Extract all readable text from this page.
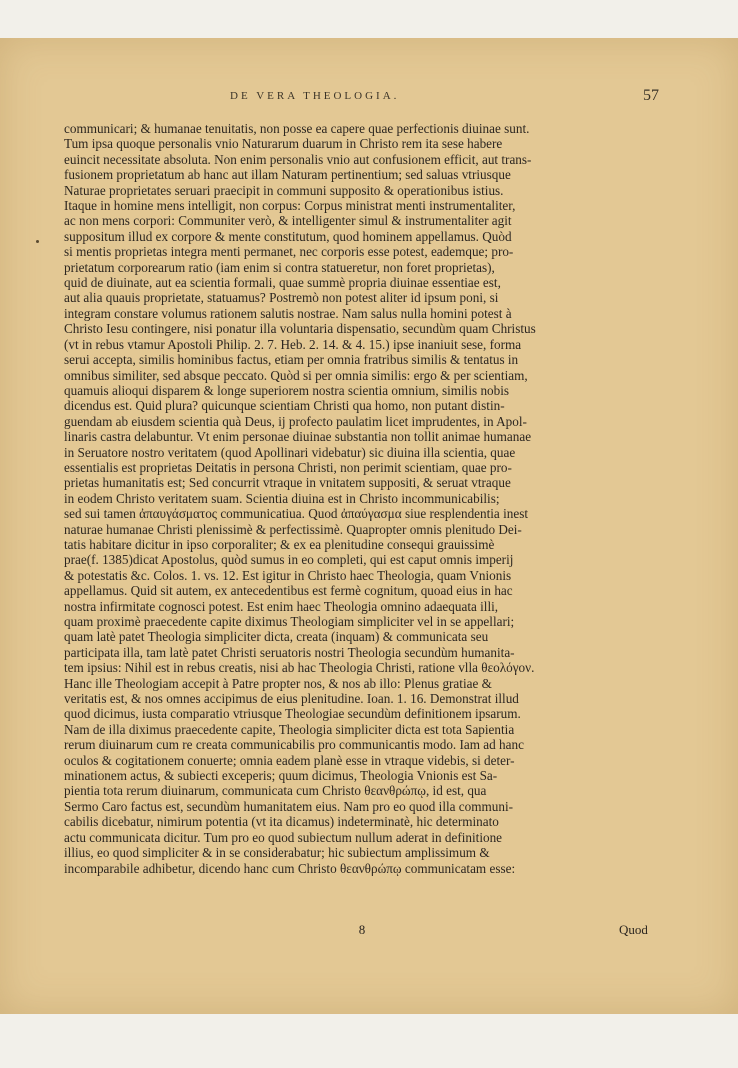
DE VERA THEOLOGIA.	57
communicari; & humanae tenuitatis, non posse ea capere quae perfectionis diuinae sunt.
Tum ipsa quoque personalis vnio Naturarum duarum in Christo rem ita sese habere
euincit necessitate absoluta. Non enim personalis vnio aut confusionem efficit, aut trans-
fusionem proprietatum ab hanc aut illam Naturam pertinentium; sed saluas vtriusque
Naturae proprietates seruari praecipit in communi supposito & operationibus istius.
Itaque in homine mens intelligit, non corpus: Corpus ministrat menti instrumentaliter,
ac non mens corpori: Communiter verò, & intelligenter simul & instrumentaliter agit
suppositum illud ex corpore & mente constitutum, quod hominem appellamus. Quòd
si mentis proprietas integra menti permanet, nec corporis esse potest, eademque; pro-
prietatum corporearum ratio (iam enim si contra statueretur, non foret proprietas),
quid de diuinate, aut ea scientia formali, quae summè propria diuinae essentiae est,
aut alia quauis proprietate, statuamus? Postremò non potest aliter id ipsum poni, si
integram constare volumus rationem salutis nostrae. Nam salus nulla homini potest à
Christo Iesu contingere, nisi ponatur illa voluntaria dispensatio, secundùm quam Christus
(vt in rebus vtamur Apostoli Philip. 2. 7. Heb. 2. 14. & 4. 15.) ipse inaniuit sese, forma
serui accepta, similis hominibus factus, etiam per omnia fratribus similis & tentatus in
omnibus similiter, sed absque peccato. Quòd si per omnia similis: ergo & per scientiam,
quamuis alioqui disparem & longe superiorem nostra scientia omnium, similis nobis
dicendus est. Quid plura? quicunque scientiam Christi qua homo, non putant distin-
guendam ab eiusdem scientia quà Deus, ij profecto paulatim licet imprudentes, in Apol-
linaris castra delabuntur. Vt enim personae diuinae substantia non tollit animae humanae
in Seruatore nostro veritatem (quod Apollinari videbatur) sic diuina illa scientia, quae
essentialis est proprietas Deitatis in persona Christi, non perimit scientiam, quae pro-
prietas humanitatis est; Sed concurrit vtraque in vnitatem suppositi, & seruat vtraque
in eodem Christo veritatem suam. Scientia diuina est in Christo incommunicabilis;
sed sui tamen ἀπαυγάσματος communicatiua. Quod ἀπαύγασμα siue resplendentia inest
naturae humanae Christi plenissimè & perfectissimè. Quapropter omnis plenitudo Dei-
tatis habitare dicitur in ipso corporaliter; & ex ea plenitudine consequi grauissimè
prae(f. 1385)dicat Apostolus, quòd sumus in eo completi, qui est caput omnis imperij
& potestatis &c. Colos. 1. vs. 12. Est igitur in Christo haec Theologia, quam Vnionis
appellamus. Quid sit autem, ex antecedentibus est fermè cognitum, quoad eius in hac
nostra infirmitate cognosci potest. Est enim haec Theologia omnino adaequata illi,
quam proximè praecedente capite diximus Theologiam simpliciter vel in se appellari;
quam latè patet Theologia simpliciter dicta, creata (inquam) & communicata seu
participata illa, tam latè patet Christi seruatoris nostri Theologia secundùm humanita-
tem ipsius: Nihil est in rebus creatis, nisi ab hac Theologia Christi, ratione vlla θεολόγον.
Hanc ille Theologiam accepit à Patre propter nos, & nos ab illo: Plenus gratiae &
veritatis est, & nos omnes accipimus de eius plenitudine. Ioan. 1. 16. Demonstrat illud
quod dicimus, iusta comparatio vtriusque Theologiae secundùm definitionem ipsarum.
Nam de illa diximus praecedente capite, Theologia simpliciter dicta est tota Sapientia
rerum diuinarum cum re creata communicabilis pro communicantis modo. Iam ad hanc
oculos & cogitationem conuerte; omnia eadem planè esse in vtraque videbis, si deter-
minationem actus, & subiecti exceperis; quum dicimus, Theologia Vnionis est Sa-
pientia tota rerum diuinarum, communicata cum Christo θεανθρώπῳ, id est, qua
Sermo Caro factus est, secundùm humanitatem eius. Nam pro eo quod illa communi-
cabilis dicebatur, nimirum potentia (vt ita dicamus) indeterminatè, hic determinato
actu communicata dicitur. Tum pro eo quod subiectum nullum aderat in definitione
illius, eo quod simpliciter & in se considerabatur; hic subiectum amplissimum &
incomparabile adhibetur, dicendo hanc cum Christo θεανθρώπῳ communicatam esse:
8	Quod
